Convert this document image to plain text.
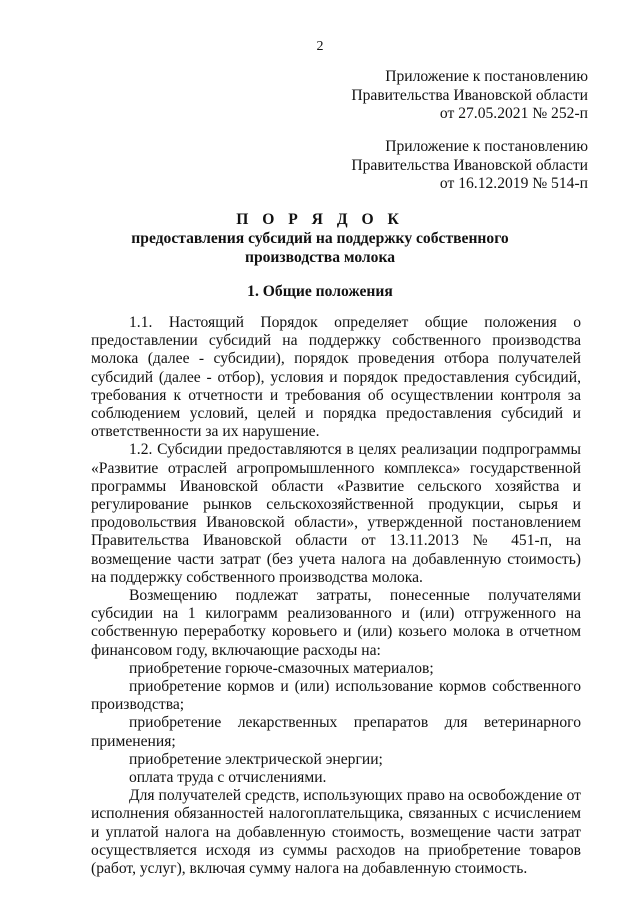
2
Приложение к постановлению
Правительства Ивановской области
от 27.05.2021 № 252-п
Приложение к постановлению
Правительства Ивановской области
от 16.12.2019 № 514-п
П О Р Я Д О К
предоставления субсидий на поддержку собственного
производства молока
1. Общие положения

1.1. Настоящий Порядок определяет общие положения о предоставлении субсидий на поддержку собственного производства молока (далее - субсидии), порядок проведения отбора получателей субсидий (далее - отбор), условия и порядок предоставления субсидий, требования к отчетности и требования об осуществлении контроля за соблюдением условий, целей и порядка предоставления субсидий и ответственности за их нарушение.

1.2. Субсидии предоставляются в целях реализации подпрограммы «Развитие отраслей агропромышленного комплекса» государственной программы Ивановской области «Развитие сельского хозяйства и регулирование рынков сельскохозяйственной продукции, сырья и продовольствия Ивановской области», утвержденной постановлением Правительства Ивановской области от 13.11.2013 № 451-п, на возмещение части затрат (без учета налога на добавленную стоимость) на поддержку собственного производства молока.

Возмещению подлежат затраты, понесенные получателями субсидии на 1 килограмм реализованного и (или) отгруженного на собственную переработку коровьего и (или) козьего молока в отчетном финансовом году, включающие расходы на:

приобретение горюче-смазочных материалов;

приобретение кормов и (или) использование кормов собственного производства;

приобретение лекарственных препаратов для ветеринарного применения;

приобретение электрической энергии;

оплата труда с отчислениями.

Для получателей средств, использующих право на освобождение от исполнения обязанностей налогоплательщика, связанных с исчислением и уплатой налога на добавленную стоимость, возмещение части затрат осуществляется исходя из суммы расходов на приобретение товаров (работ, услуг), включая сумму налога на добавленную стоимость.
